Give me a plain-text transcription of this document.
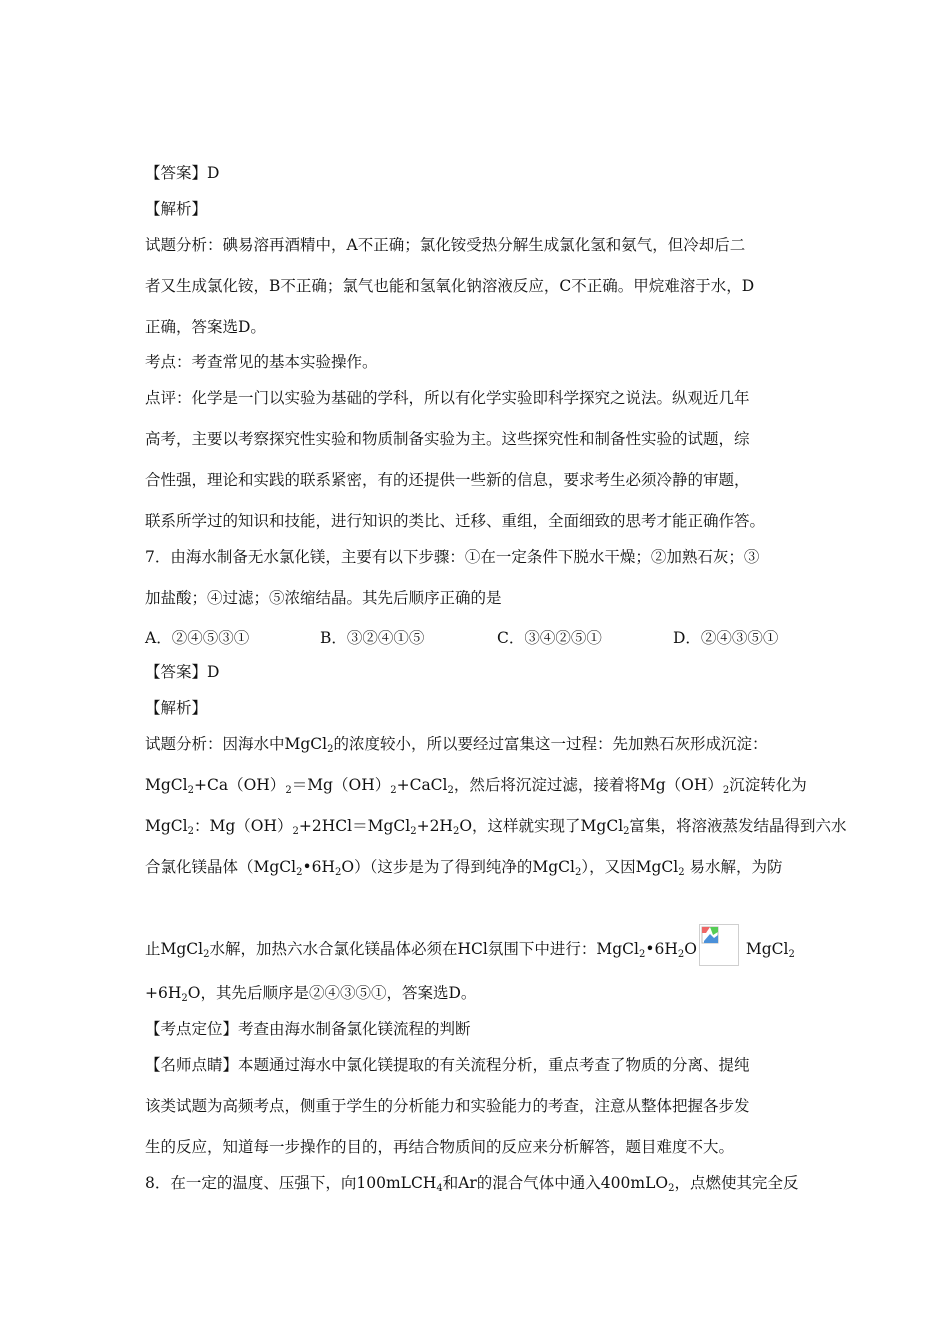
【答案】D
【解析】
试题分析：碘易溶再酒精中，A不正确；氯化铵受热分解生成氯化氢和氨气，但冷却后二
者又生成氯化铵，B不正确；氯气也能和氢氧化钠溶液反应，C不正确。甲烷难溶于水，D
正确，答案选D。
考点：考查常见的基本实验操作。
点评：化学是一门以实验为基础的学科，所以有化学实验即科学探究之说法。纵观近几年
高考，主要以考察探究性实验和物质制备实验为主。这些探究性和制备性实验的试题，综
合性强，理论和实践的联系紧密，有的还提供一些新的信息，要求考生必须冷静的审题，
联系所学过的知识和技能，进行知识的类比、迁移、重组，全面细致的思考才能正确作答。
7．由海水制备无水氯化镁，主要有以下步骤：①在一定条件下脱水干燥；②加熟石灰；③
加盐酸；④过滤；⑤浓缩结晶。其先后顺序正确的是
A．②④⑤③①	B．③②④①⑤	C．③④②⑤①	D．②④③⑤①
【答案】D
【解析】
试题分析：因海水中MgCl$_2$的浓度较小，所以要经过富集这一过程：先加熟石灰形成沉淀：
$MgCl_2+Ca(OH)_2=Mg(OH)_2+CaCl_2$，然后将沉淀过滤，接着将$Mg(OH)_2$沉淀转化为
MgCl$_2$：$Mg(OH)_2+2HCl=MgCl_2+2H_2O$，这样就实现了MgCl$_2$富集，将溶液蒸发结晶得到六水
合氯化镁晶体$(MgCl_2•6H_2O)$（这步是为了得到纯净的MgCl$_2$），又因MgCl$_2$ 易水解，为防
止MgCl$_2$水解，加热六水合氯化镁晶体必须在HCl氛围下中进行：$MgCl_2•6H_2O$	MgCl$_2$
$+6H_2O$，其先后顺序是②④③⑤①，答案选D。
【考点定位】考查由海水制备氯化镁流程的判断
【名师点睛】本题通过海水中氯化镁提取的有关流程分析，重点考查了物质的分离、提纯
该类试题为高频考点，侧重于学生的分析能力和实验能力的考查，注意从整体把握各步发
生的反应，知道每一步操作的目的，再结合物质间的反应来分析解答，题目难度不大。
8．在一定的温度、压强下，向100mLCH$_4$和Ar的混合气体中通入400mLO$_2$，点燃使其完全反
